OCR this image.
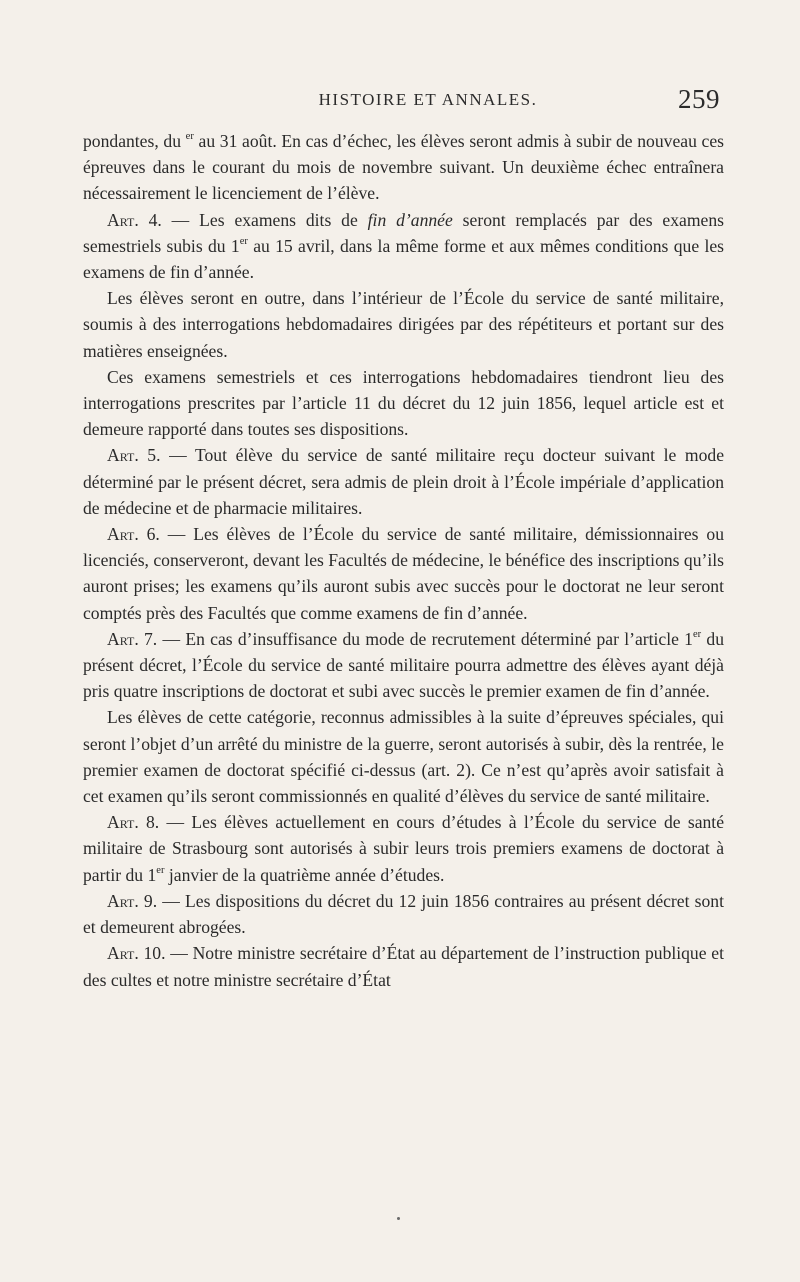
HISTOIRE ET ANNALES.	259

pondantes, du $^{er}$ au 31 août. En cas d’échec, les élèves seront admis à subir de nouveau ces épreuves dans le courant du mois de novembre suivant. Un deuxième échec entraînera nécessairement le licenciement de l’élève.

Art. 4. — Les examens dits de fin d’année seront remplacés par des examens semestriels subis du 1er au 15 avril, dans la même forme et aux mêmes conditions que les examens de fin d’année.

Les élèves seront en outre, dans l’intérieur de l’École du service de santé militaire, soumis à des interrogations hebdomadaires dirigées par des répétiteurs et portant sur des matières enseignées.

Ces examens semestriels et ces interrogations hebdomadaires tiendront lieu des interrogations prescrites par l’article 11 du décret du 12 juin 1856, lequel article est et demeure rapporté dans toutes ses dispositions.

Art. 5. — Tout élève du service de santé militaire reçu docteur suivant le mode déterminé par le présent décret, sera admis de plein droit à l’École impériale d’application de médecine et de pharmacie militaires.

Art. 6. — Les élèves de l’École du service de santé militaire, démissionnaires ou licenciés, conserveront, devant les Facultés de médecine, le bénéfice des inscriptions qu’ils auront prises; les examens qu’ils auront subis avec succès pour le doctorat ne leur seront comptés près des Facultés que comme examens de fin d’année.

Art. 7. — En cas d’insuffisance du mode de recrutement déterminé par l’article 1er du présent décret, l’École du service de santé militaire pourra admettre des élèves ayant déjà pris quatre inscriptions de doctorat et subi avec succès le premier examen de fin d’année.

Les élèves de cette catégorie, reconnus admissibles à la suite d’épreuves spéciales, qui seront l’objet d’un arrêté du ministre de la guerre, seront autorisés à subir, dès la rentrée, le premier examen de doctorat spécifié ci-dessus (art. 2). Ce n’est qu’après avoir satisfait à cet examen qu’ils seront commissionnés en qualité d’élèves du service de santé militaire.

Art. 8. — Les élèves actuellement en cours d’études à l’École du service de santé militaire de Strasbourg sont autorisés à subir leurs trois premiers examens de doctorat à partir du 1er janvier de la quatrième année d’études.

Art. 9. — Les dispositions du décret du 12 juin 1856 contraires au présent décret sont et demeurent abrogées.

Art. 10. — Notre ministre secrétaire d’État au département de l’instruction publique et des cultes et notre ministre secrétaire d’État
